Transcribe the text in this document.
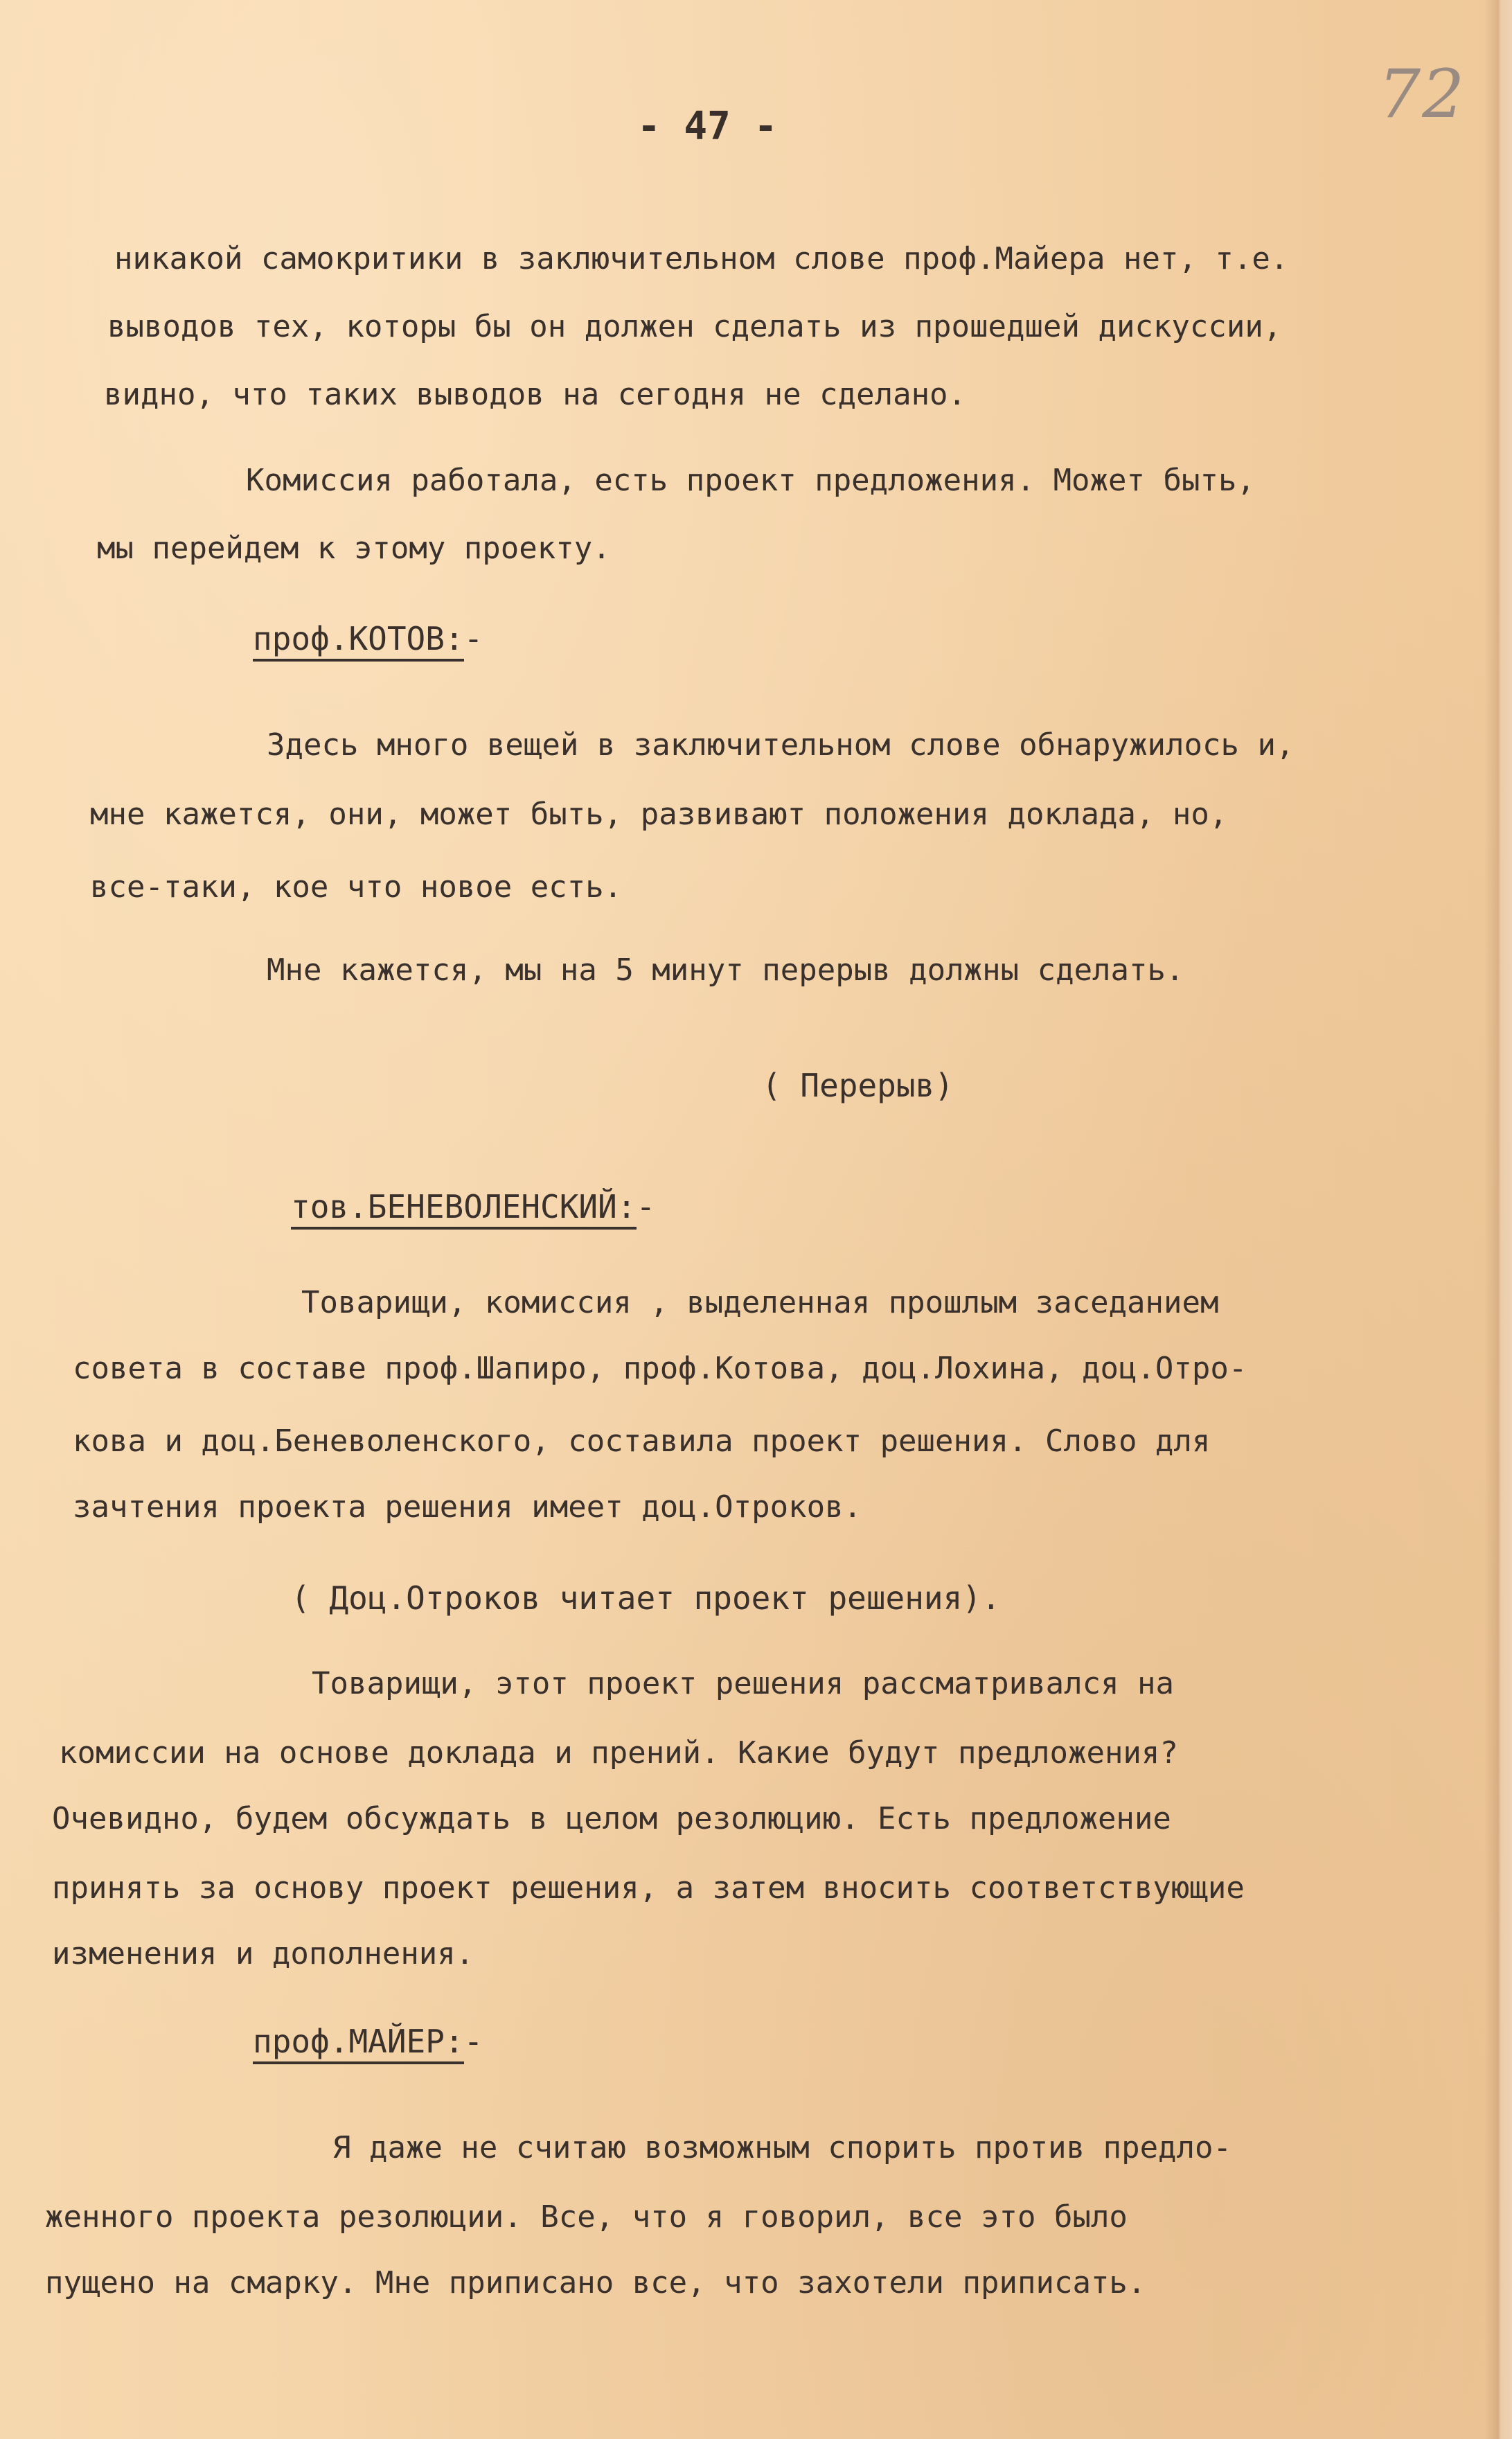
72
- 47 -
никакой самокритики в заключительном слове проф.Майера нет, т.е.
выводов тех, которы бы он должен сделать из прошедшей дискуссии,
видно, что таких выводов на сегодня не сделано.
Комиссия работала, есть проект предложения. Может быть,
мы перейдем к этому проекту.
проф.КОТОВ:-
Здесь много вещей в заключительном слове обнаружилось и,
мне кажется, они, может быть, развивают положения доклада, но,
все-таки, кое что новое есть.
Мне кажется, мы на 5 минут перерыв должны сделать.
( Перерыв)
тов.БЕНЕВОЛЕНСКИЙ:-
Товарищи, комиссия , выделенная прошлым заседанием
совета в составе проф.Шапиро, проф.Котова, доц.Лохина, доц.Отро-
кова и доц.Беневоленского, составила проект решения. Слово для
зачтения проекта решения имеет доц.Отроков.
( Доц.Отроков читает проект решения).
Товарищи, этот проект решения рассматривался на
комиссии на основе доклада и прений. Какие будут предложения?
Очевидно, будем обсуждать в целом резолюцию. Есть предложение
принять за основу проект решения, а затем вносить соответствующие
изменения и дополнения.
проф.МАЙЕР:-
Я даже не считаю возможным спорить против предло-
женного проекта резолюции. Все, что я говорил, все это было
пущено на смарку. Мне приписано все, что захотели приписать.
